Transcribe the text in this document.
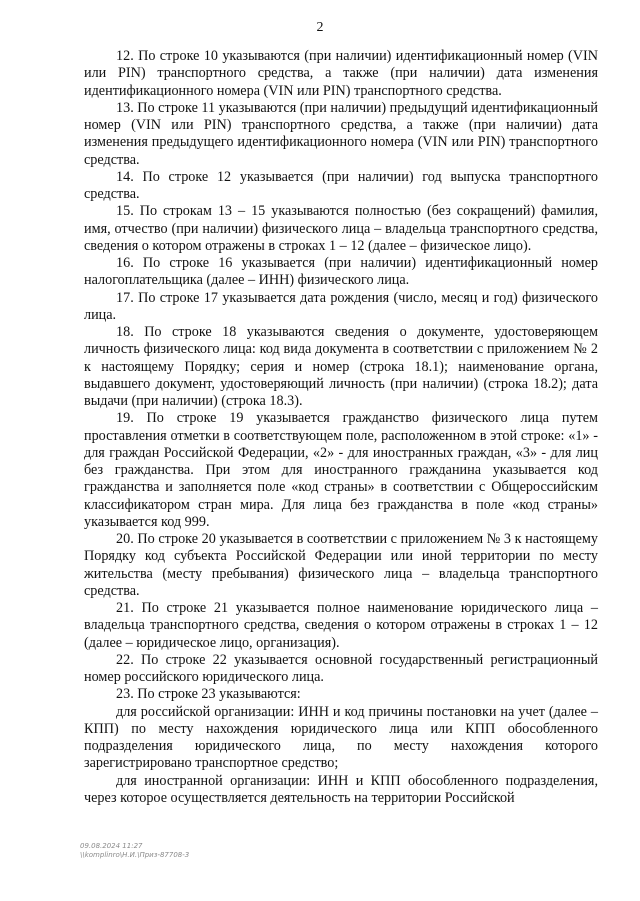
2

12. По строке 10 указываются (при наличии) идентификационный номер (VIN или PIN) транспортного средства, а также (при наличии) дата изменения идентификационного номера (VIN или PIN) транспортного средства.

13. По строке 11 указываются (при наличии) предыдущий идентификационный номер (VIN или PIN) транспортного средства, а также (при наличии) дата изменения предыдущего идентификационного номера (VIN или PIN) транспортного средства.

14. По строке 12 указывается (при наличии) год выпуска транспортного средства.

15. По строкам 13 – 15 указываются полностью (без сокращений) фамилия, имя, отчество (при наличии) физического лица – владельца транспортного средства, сведения о котором отражены в строках 1 – 12 (далее – физическое лицо).

16. По строке 16 указывается (при наличии) идентификационный номер налогоплательщика (далее – ИНН) физического лица.

17. По строке 17 указывается дата рождения (число, месяц и год) физического лица.

18. По строке 18 указываются сведения о документе, удостоверяющем личность физического лица: код вида документа в соответствии с приложением № 2 к настоящему Порядку; серия и номер (строка 18.1); наименование органа, выдавшего документ, удостоверяющий личность (при наличии) (строка 18.2); дата выдачи (при наличии) (строка 18.3).

19. По строке 19 указывается гражданство физического лица путем проставления отметки в соответствующем поле, расположенном в этой строке: «1» - для граждан Российской Федерации, «2» - для иностранных граждан, «3» - для лиц без гражданства. При этом для иностранного гражданина указывается код гражданства и заполняется поле «код страны» в соответствии с Общероссийским классификатором стран мира. Для лица без гражданства в поле «код страны» указывается код 999.

20. По строке 20 указывается в соответствии с приложением № 3 к настоящему Порядку код субъекта Российской Федерации или иной территории по месту жительства (месту пребывания) физического лица – владельца транспортного средства.

21. По строке 21 указывается полное наименование юридического лица – владельца транспортного средства, сведения о котором отражены в строках 1 – 12 (далее – юридическое лицо, организация).

22. По строке 22 указывается основной государственный регистрационный номер российского юридического лица.

23. По строке 23 указываются:

для российской организации: ИНН и код причины постановки на учет (далее – КПП) по месту нахождения юридического лица или КПП обособленного подразделения юридического лица, по месту нахождения которого зарегистрировано транспортное средство;

для иностранной организации: ИНН и КПП обособленного подразделения, через которое осуществляется деятельность на территории Российской

09.08.2024 11:27
\\komplinro\Н.И.\Приз-87708-3
